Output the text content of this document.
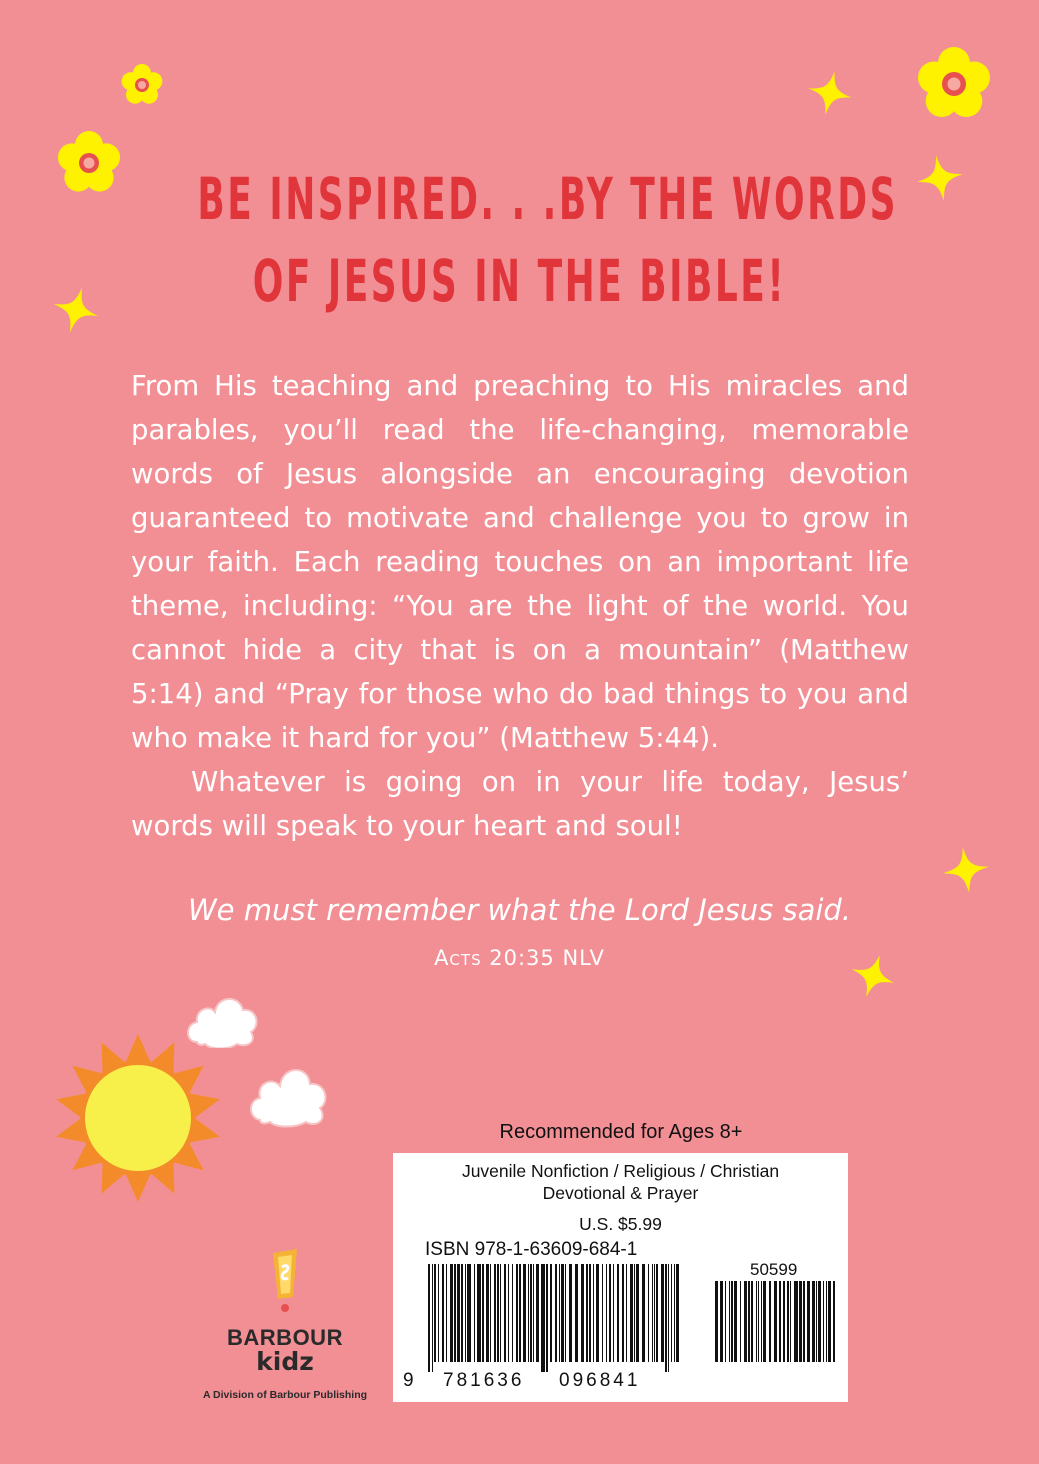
BE INSPIRED. . .BY THE WORDS
OF JESUS IN THE BIBLE!

From His teaching and preaching to His miracles and parables, you’ll read the life-changing, memorable words of Jesus alongside an encouraging devotion guaranteed to motivate and challenge you to grow in your faith. Each reading touches on an important life theme, including: “You are the light of the world. You cannot hide a city that is on a mountain” (Matthew 5:14) and “Pray for those who do bad things to you and who make it hard for you” (Matthew 5:44).

Whatever is going on in your life today, Jesus’ words will speak to your heart and soul!

We must remember what the Lord Jesus said.
Acts 20:35 NLV
BARBOUR
kidz
A Division of Barbour Publishing
Recommended for Ages 8+
Juvenile Nonfiction / Religious / Christian
Devotional & Prayer
U.S. $5.99
ISBN 978-1-63609-684-1
50599
9 781636 096841
